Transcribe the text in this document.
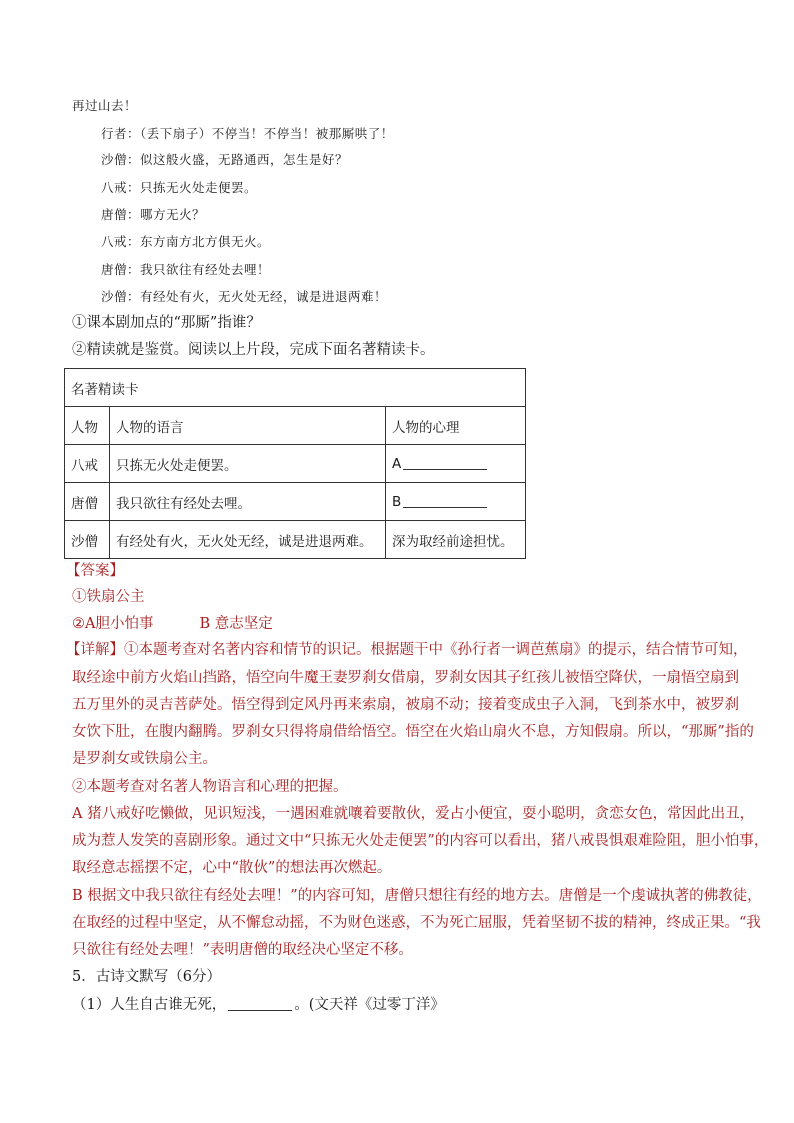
再过山去！
行者：（丢下扇子）不停当！不停当！被那厮哄了！
沙僧：似这般火盛，无路通西，怎生是好？
八戒：只拣无火处走便罢。
唐僧：哪方无火？
八戒：东方南方北方俱无火。
唐僧：我只欲往有经处去哩！
沙僧：有经处有火，无火处无经，诚是进退两难！
①课本剧加点的“那厮”指谁？
②精读就是鉴赏。阅读以上片段，完成下面名著精读卡。
名著精读卡		
人物	人物的语言	人物的心理
八戒	只拣无火处走便罢。	A
唐僧	我只欲往有经处去哩。	B
沙僧	有经处有火，无火处无经，诚是进退两难。	深为取经前途担忧。
【答案】
①铁扇公主
②A胆小怕事	B 意志坚定
【详解】①本题考查对名著内容和情节的识记。根据题干中《孙行者一调芭蕉扇》的提示，结合情节可知，
取经途中前方火焰山挡路，悟空向牛魔王妻罗刹女借扇，罗刹女因其子红孩儿被悟空降伏，一扇悟空扇到
五万里外的灵吉菩萨处。悟空得到定风丹再来索扇，被扇不动；接着变成虫子入洞，飞到茶水中，被罗刹
女饮下肚，在腹内翻腾。罗刹女只得将扇借给悟空。悟空在火焰山扇火不息，方知假扇。所以，“那厮”指的
是罗刹女或铁扇公主。
②本题考查对名著人物语言和心理的把握。
A 猪八戒好吃懒做，见识短浅，一遇困难就嚷着要散伙，爱占小便宜，耍小聪明，贪恋女色，常因此出丑，
成为惹人发笑的喜剧形象。通过文中“只拣无火处走便罢”的内容可以看出，猪八戒畏惧艰难险阻，胆小怕事，
取经意志摇摆不定，心中“散伙”的想法再次燃起。
B 根据文中我只欲往有经处去哩！”的内容可知，唐僧只想往有经的地方去。唐僧是一个虔诚执著的佛教徒，
在取经的过程中坚定，从不懈怠动摇，不为财色迷惑，不为死亡屈服，凭着坚韧不拔的精神，终成正果。“我
只欲往有经处去哩！”表明唐僧的取经决心坚定不移。
5．古诗文默写（6分）
（1）人生自古谁无死，	。(文天祥《过零丁洋》
